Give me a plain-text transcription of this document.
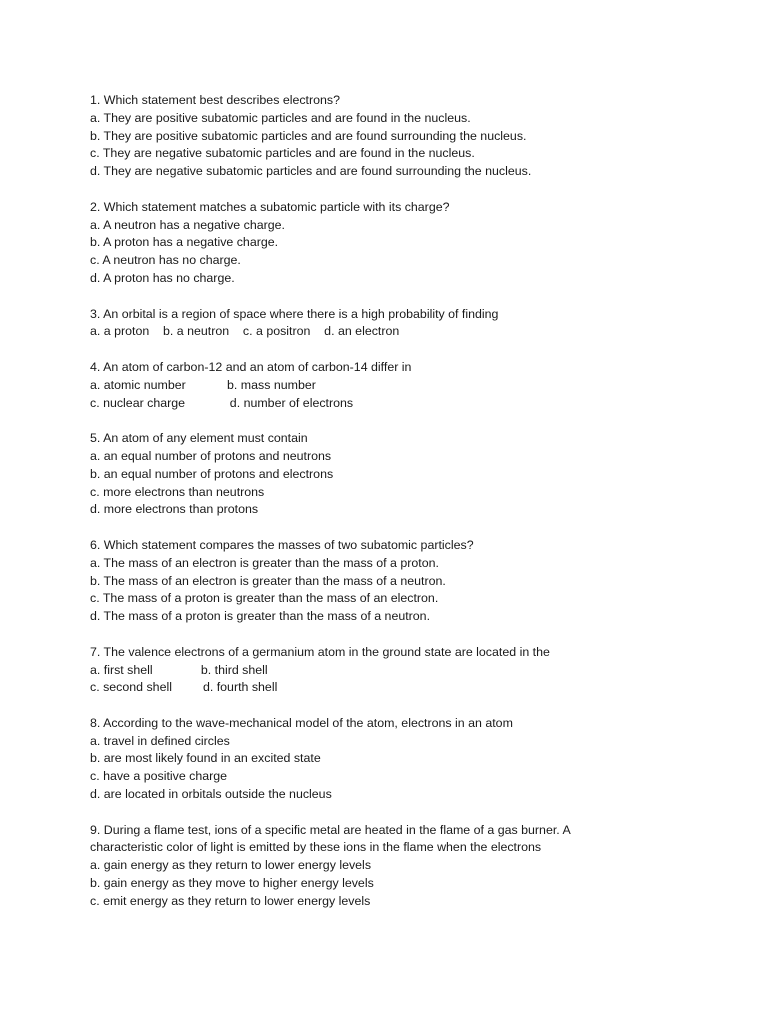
1. Which statement best describes electrons?
a. They are positive subatomic particles and are found in the nucleus.
b. They are positive subatomic particles and are found surrounding the nucleus.
c. They are negative subatomic particles and are found in the nucleus.
d. They are negative subatomic particles and are found surrounding the nucleus.
2. Which statement matches a subatomic particle with its charge?
a. A neutron has a negative charge.
b. A proton has a negative charge.
c. A neutron has no charge.
d. A proton has no charge.
3. An orbital is a region of space where there is a high probability of finding
a. a proton    b. a neutron    c. a positron    d. an electron
4. An atom of carbon-12 and an atom of carbon-14 differ in
a. atomic number            b. mass number
c. nuclear charge             d. number of electrons
5. An atom of any element must contain
a. an equal number of protons and neutrons
b. an equal number of protons and electrons
c. more electrons than neutrons
d. more electrons than protons
6. Which statement compares the masses of two subatomic particles?
a. The mass of an electron is greater than the mass of a proton.
b. The mass of an electron is greater than the mass of a neutron.
c. The mass of a proton is greater than the mass of an electron.
d. The mass of a proton is greater than the mass of a neutron.
7. The valence electrons of a germanium atom in the ground state are located in the
a. first shell              b. third shell
c. second shell         d. fourth shell
8. According to the wave-mechanical model of the atom, electrons in an atom
a. travel in defined circles
b. are most likely found in an excited state
c. have a positive charge
d. are located in orbitals outside the nucleus
9. During a flame test, ions of a specific metal are heated in the flame of a gas burner. A
characteristic color of light is emitted by these ions in the flame when the electrons
a. gain energy as they return to lower energy levels
b. gain energy as they move to higher energy levels
c. emit energy as they return to lower energy levels
